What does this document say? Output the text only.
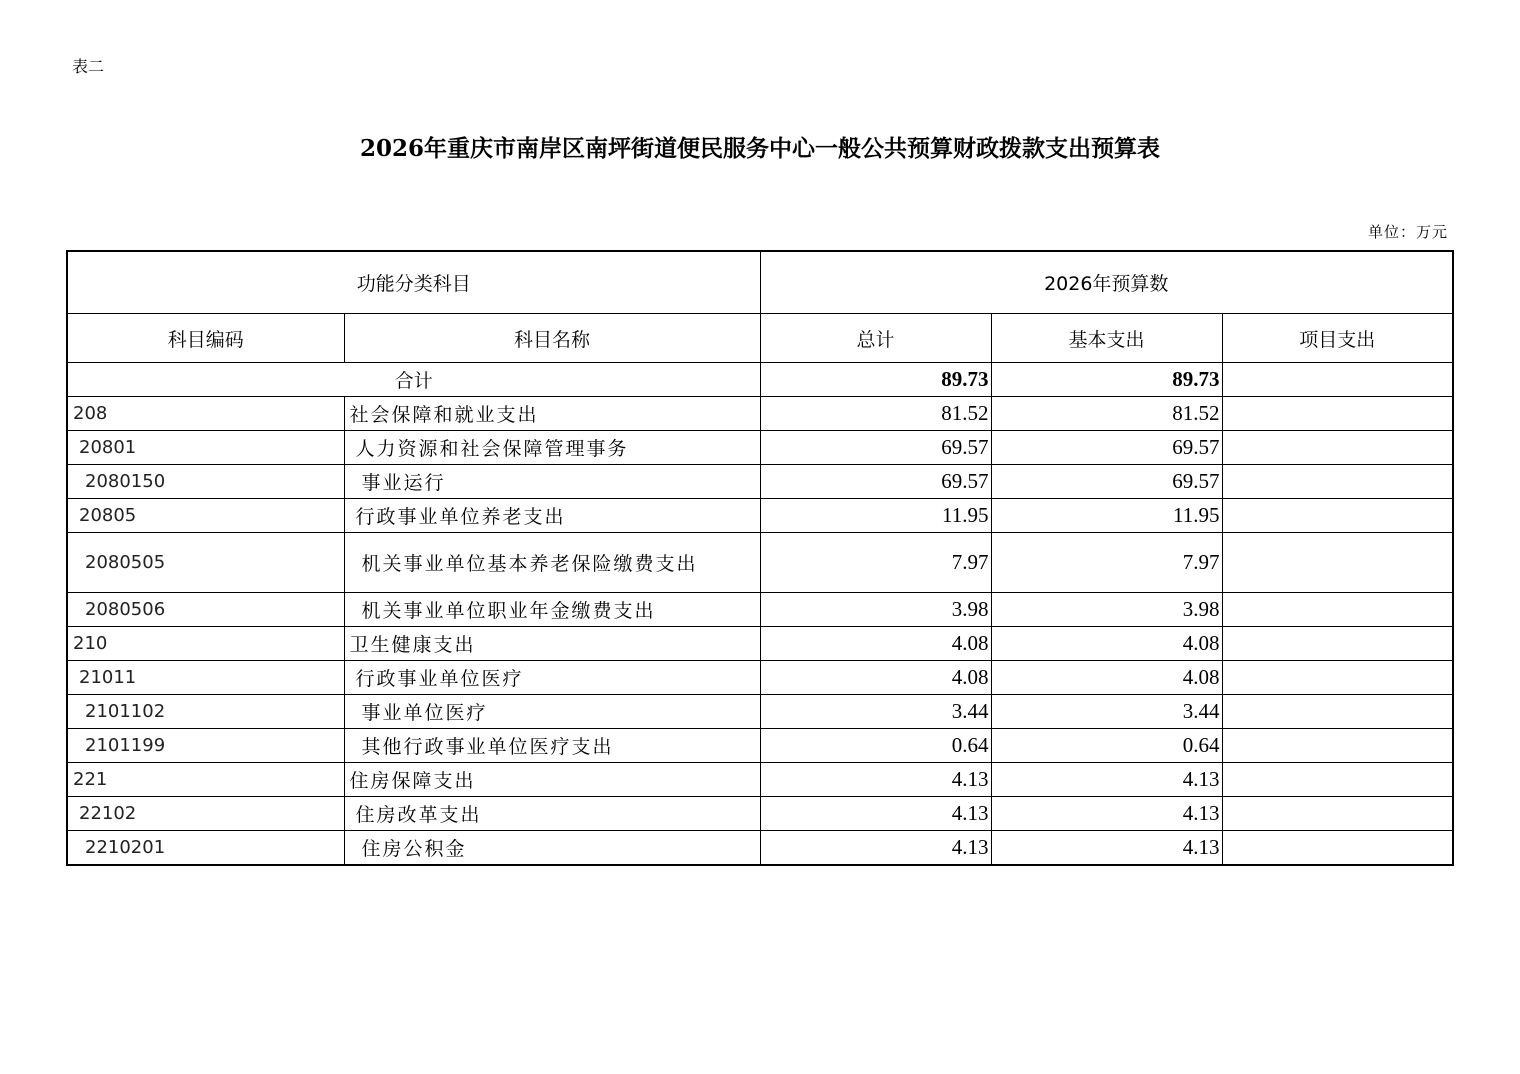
表二
2026年重庆市南岸区南坪街道便民服务中心一般公共预算财政拨款支出预算表
单位：万元
功能分类科目		2026年预算数		
科目编码	科目名称	总计	基本支出	项目支出
合计		89.73	89.73	
208	社会保障和就业支出	81.52	81.52	
20801	人力资源和社会保障管理事务	69.57	69.57	
2080150	事业运行	69.57	69.57	
20805	行政事业单位养老支出	11.95	11.95	
2080505	机关事业单位基本养老保险缴费支出	7.97	7.97	
2080506	机关事业单位职业年金缴费支出	3.98	3.98	
210	卫生健康支出	4.08	4.08	
21011	行政事业单位医疗	4.08	4.08	
2101102	事业单位医疗	3.44	3.44	
2101199	其他行政事业单位医疗支出	0.64	0.64	
221	住房保障支出	4.13	4.13	
22102	住房改革支出	4.13	4.13	
2210201	住房公积金	4.13	4.13	
